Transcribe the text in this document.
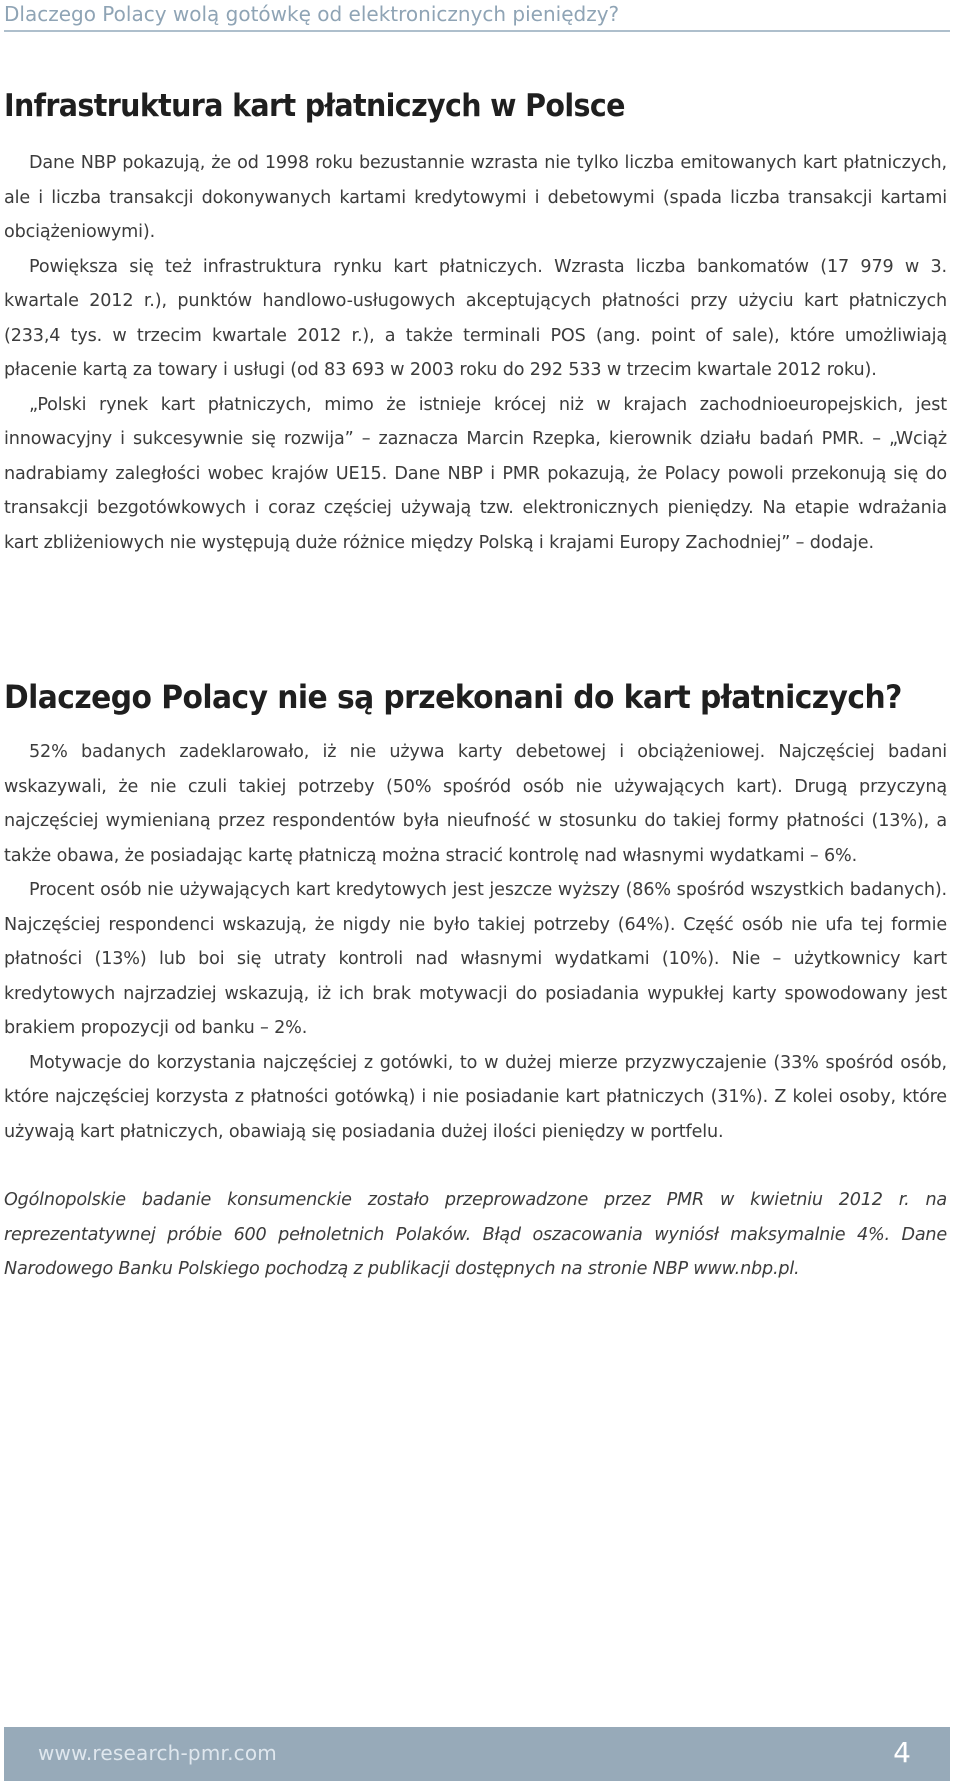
Dlaczego Polacy wolą gotówkę od elektronicznych pieniędzy?
Infrastruktura kart płatniczych w Polsce

Dane NBP pokazują, że od 1998 roku bezustannie wzrasta nie tylko liczba emitowanych kart płatniczych, ale i liczba transakcji dokonywanych kartami kredytowymi i debetowymi (spada liczba transakcji kartami obciążeniowymi).

Powiększa się też infrastruktura rynku kart płatniczych. Wzrasta liczba bankomatów (17 979 w 3. kwartale 2012 r.), punktów handlowo-usługowych akceptujących płatności przy użyciu kart płatniczych (233,4 tys. w trzecim kwartale 2012 r.), a także terminali POS (ang. point of sale), które umożliwiają płacenie kartą za towary i usługi (od 83 693 w 2003 roku do 292 533 w trzecim kwartale 2012 roku).

„Polski rynek kart płatniczych, mimo że istnieje krócej niż w krajach zachodnioeuropejskich, jest innowacyjny i sukcesywnie się rozwija” – zaznacza Marcin Rzepka, kierownik działu badań PMR. – „Wciąż nadrabiamy zaległości wobec krajów UE15. Dane NBP i PMR pokazują, że Polacy powoli przekonują się do transakcji bezgotówkowych i coraz częściej używają tzw. elektronicznych pieniędzy. Na etapie wdrażania kart zbliżeniowych nie występują duże różnice między Polską i krajami Europy Zachodniej” – dodaje.

Dlaczego Polacy nie są przekonani do kart płatniczych?

52% badanych zadeklarowało, iż nie używa karty debetowej i obciążeniowej. Najczęściej badani wskazywali, że nie czuli takiej potrzeby (50% spośród osób nie używających kart). Drugą przyczyną najczęściej wymienianą przez respondentów była nieufność w stosunku do takiej formy płatności (13%), a także obawa, że posiadając kartę płatniczą można stracić kontrolę nad własnymi wydatkami – 6%.

Procent osób nie używających kart kredytowych jest jeszcze wyższy (86% spośród wszystkich badanych). Najczęściej respondenci wskazują, że nigdy nie było takiej potrzeby (64%). Część osób nie ufa tej formie płatności (13%) lub boi się utraty kontroli nad własnymi wydatkami (10%). Nie – użytkownicy kart kredytowych najrzadziej wskazują, iż ich brak motywacji do posiadania wypukłej karty spowodowany jest brakiem propozycji od banku – 2%.

Motywacje do korzystania najczęściej z gotówki, to w dużej mierze przyzwyczajenie (33% spośród osób, które najczęściej korzysta z płatności gotówką) i nie posiadanie kart płatniczych (31%). Z kolei osoby, które używają kart płatniczych, obawiają się posiadania dużej ilości pieniędzy w portfelu.

Ogólnopolskie badanie konsumenckie zostało przeprowadzone przez PMR w kwietniu 2012 r. na reprezentatywnej próbie 600 pełnoletnich Polaków. Błąd oszacowania wyniósł maksymalnie 4%. Dane Narodowego Banku Polskiego pochodzą z publikacji dostępnych na stronie NBP www.nbp.pl.

www.research-pmr.com	4
